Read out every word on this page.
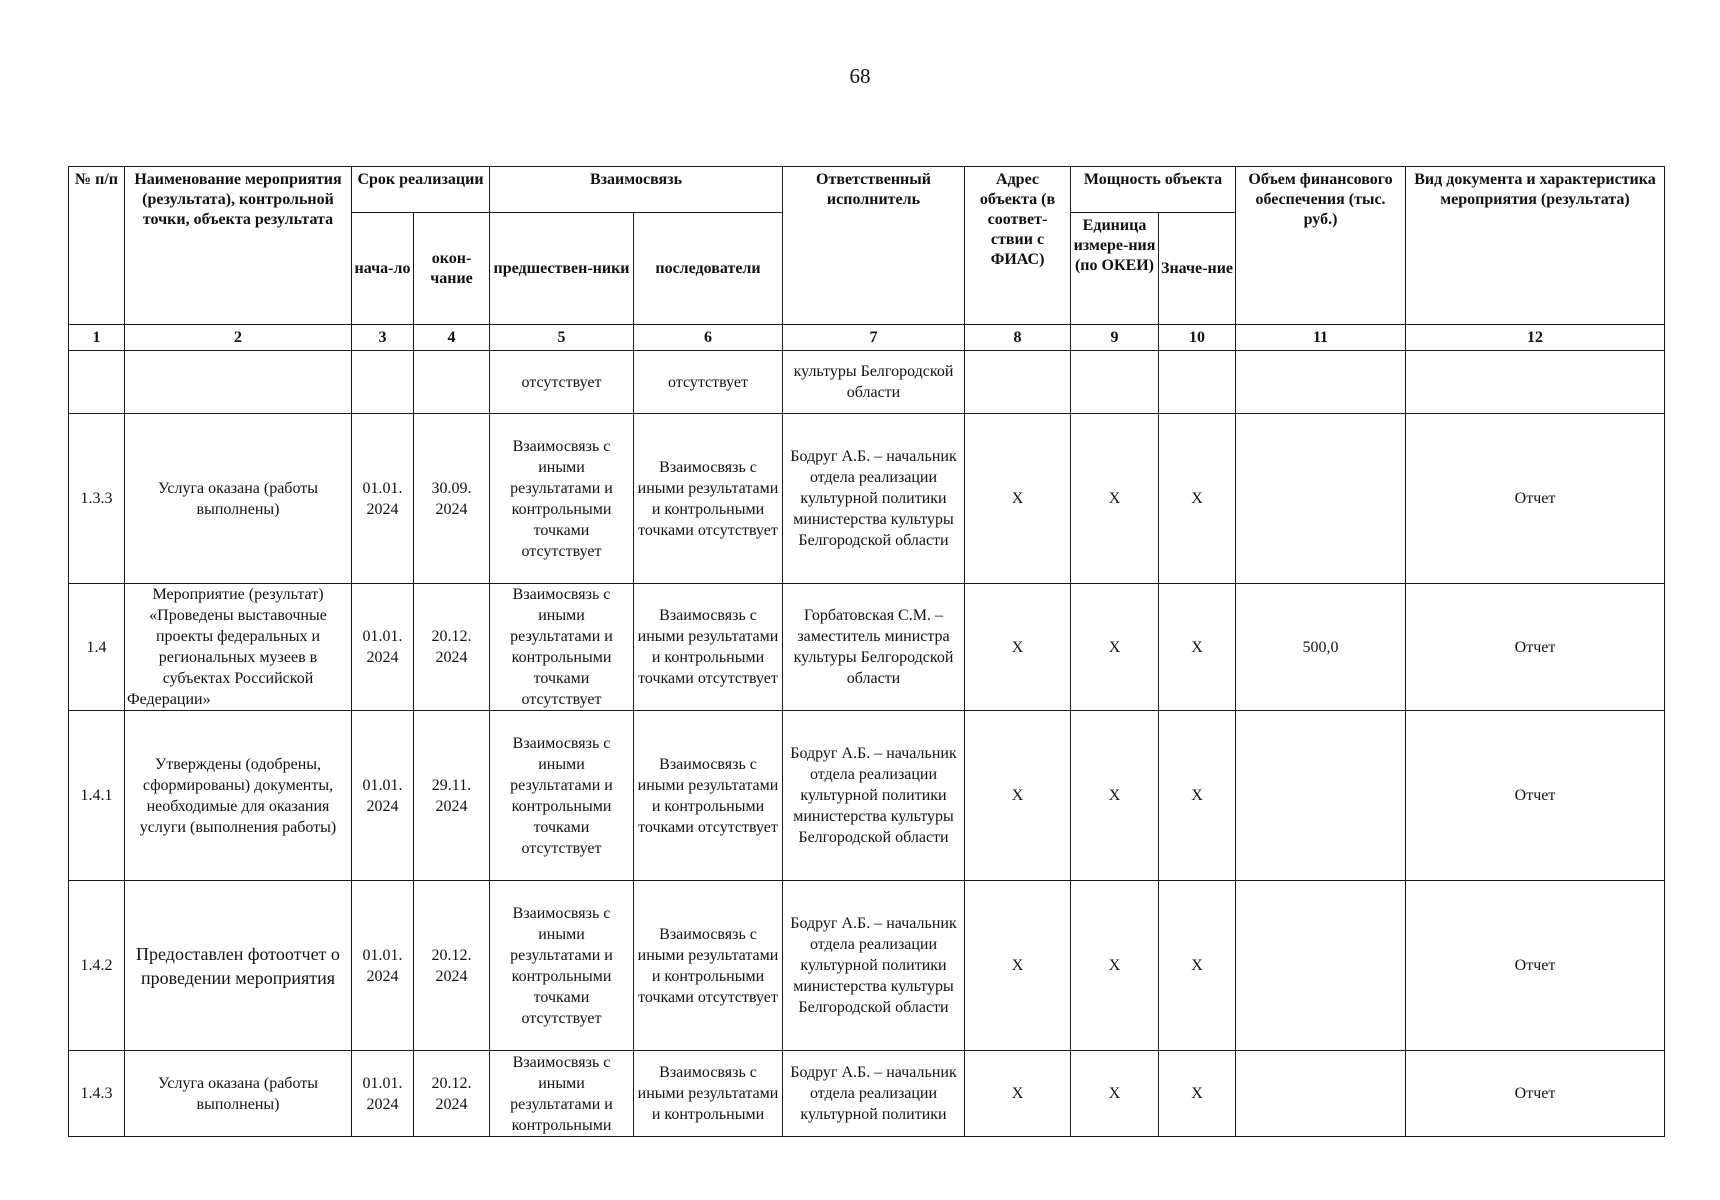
68
№ п/п	Наименование мероприятия (результата), контрольной точки, объекта результата	Срок реализации		Взаимосвязь		Ответственный исполнитель	Адрес объекта (в соответ-ствии с ФИАС)	Мощность объекта		Объем финансового обеспечения (тыс. руб.)	Вид документа и характеристика мероприятия (результата)
		нача-ло	окон-чание	предшествен-ники	последователи			Единица измере-ния (по ОКЕИ)	Значе-ние		
1	2	3	4	5	6	7	8	9	10	11	12
				отсутствует	отсутствует	культуры Белгородской области					
1.3.3	Услуга оказана (работы выполнены)	01.01. 2024	30.09. 2024	Взаимосвязь с иными результатами и контрольными точками отсутствует	Взаимосвязь с иными результатами и контрольными точками отсутствует	Бодруг А.Б. – начальник отдела реализации культурной политики министерства культуры Белгородской области	X	X	X		Отчет
1.4	Мероприятие (результат) «Проведены выставочные проекты федеральных и региональных музеев в субъектах Российской Федерации»	01.01. 2024	20.12. 2024	Взаимосвязь с иными результатами и контрольными точками отсутствует	Взаимосвязь с иными результатами и контрольными точками отсутствует	Горбатовская С.М. – заместитель министра культуры Белгородской области	X	X	X	500,0	Отчет
1.4.1	Утверждены (одобрены, сформированы) документы, необходимые для оказания услуги (выполнения работы)	01.01. 2024	29.11. 2024	Взаимосвязь с иными результатами и контрольными точками отсутствует	Взаимосвязь с иными результатами и контрольными точками отсутствует	Бодруг А.Б. – начальник отдела реализации культурной политики министерства культуры Белгородской области	X	X	X		Отчет
1.4.2	Предоставлен фотоотчет о проведении мероприятия	01.01. 2024	20.12. 2024	Взаимосвязь с иными результатами и контрольными точками отсутствует	Взаимосвязь с иными результатами и контрольными точками отсутствует	Бодруг А.Б. – начальник отдела реализации культурной политики министерства культуры Белгородской области	X	X	X		Отчет
1.4.3	Услуга оказана (работы выполнены)	01.01. 2024	20.12. 2024	Взаимосвязь с иными результатами и контрольными	Взаимосвязь с иными результатами и контрольными	Бодруг А.Б. – начальник отдела реализации культурной политики	X	X	X		Отчет
